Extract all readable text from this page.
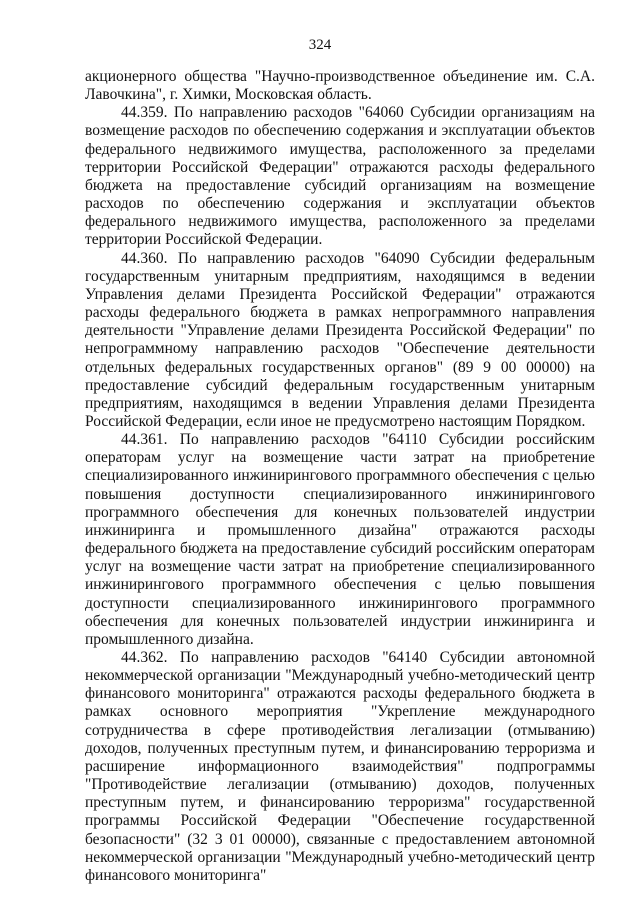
324

акционерного общества "Научно-производственное объединение им. С.А. Лавочкина", г. Химки, Московская область.

44.359. По направлению расходов "64060 Субсидии организациям на возмещение расходов по обеспечению содержания и эксплуатации объектов федерального недвижимого имущества, расположенного за пределами территории Российской Федерации" отражаются расходы федерального бюджета на предоставление субсидий организациям на возмещение расходов по обеспечению содержания и эксплуатации объектов федерального недвижимого имущества, расположенного за пределами территории Российской Федерации.

44.360. По направлению расходов "64090 Субсидии федеральным государственным унитарным предприятиям, находящимся в ведении Управления делами Президента Российской Федерации" отражаются расходы федерального бюджета в рамках непрограммного направления деятельности "Управление делами Президента Российской Федерации" по непрограммному направлению расходов "Обеспечение деятельности отдельных федеральных государственных органов" (89 9 00 00000) на предоставление субсидий федеральным государственным унитарным предприятиям, находящимся в ведении Управления делами Президента Российской Федерации, если иное не предусмотрено настоящим Порядком.

44.361. По направлению расходов "64110 Субсидии российским операторам услуг на возмещение части затрат на приобретение специализированного инжинирингового программного обеспечения с целью повышения доступности специализированного инжинирингового программного обеспечения для конечных пользователей индустрии инжиниринга и промышленного дизайна" отражаются расходы федерального бюджета на предоставление субсидий российским операторам услуг на возмещение части затрат на приобретение специализированного инжинирингового программного обеспечения с целью повышения доступности специализированного инжинирингового программного обеспечения для конечных пользователей индустрии инжиниринга и промышленного дизайна.

44.362. По направлению расходов "64140 Субсидии автономной некоммерческой организации "Международный учебно-методический центр финансового мониторинга" отражаются расходы федерального бюджета в рамках основного мероприятия "Укрепление международного сотрудничества в сфере противодействия легализации (отмыванию) доходов, полученных преступным путем, и финансированию терроризма и расширение информационного взаимодействия" подпрограммы "Противодействие легализации (отмыванию) доходов, полученных преступным путем, и финансированию терроризма" государственной программы Российской Федерации "Обеспечение государственной безопасности" (32 3 01 00000), связанные с предоставлением автономной некоммерческой организации "Международный учебно-методический центр финансового мониторинга"
